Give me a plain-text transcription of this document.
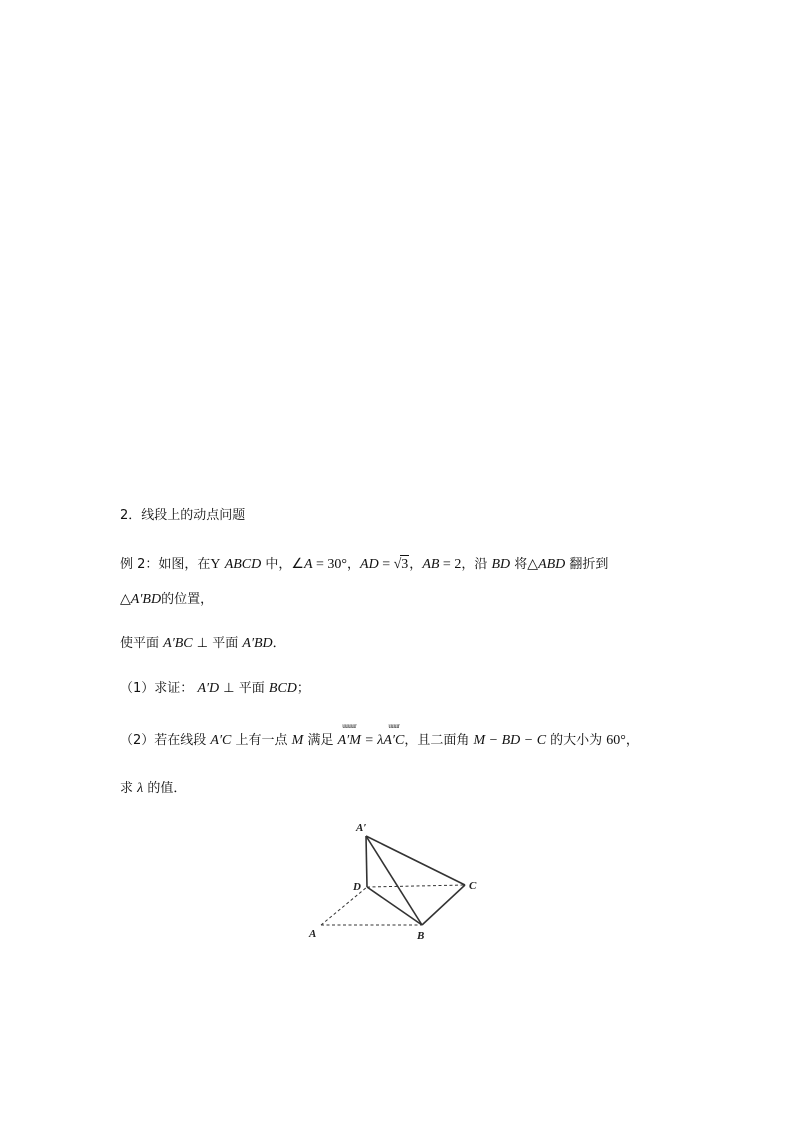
2．线段上的动点问题
例 2：如图，在Y ABCD 中，∠A = 30°，AD = √3，AB = 2，沿 BD 将△ABD 翻折到
△A′BD的位置，
使平面 A′BC ⊥ 平面 A′BD．
（1）求证： A′D ⊥ 平面 BCD；
（2）若在线段 A′C 上有一点 M 满足
uuuur
A′M = λ
uuur
A′C，且二面角 M − BD − C 的大小为 60°，
求 λ 的值．
A′
D	C
A	B
